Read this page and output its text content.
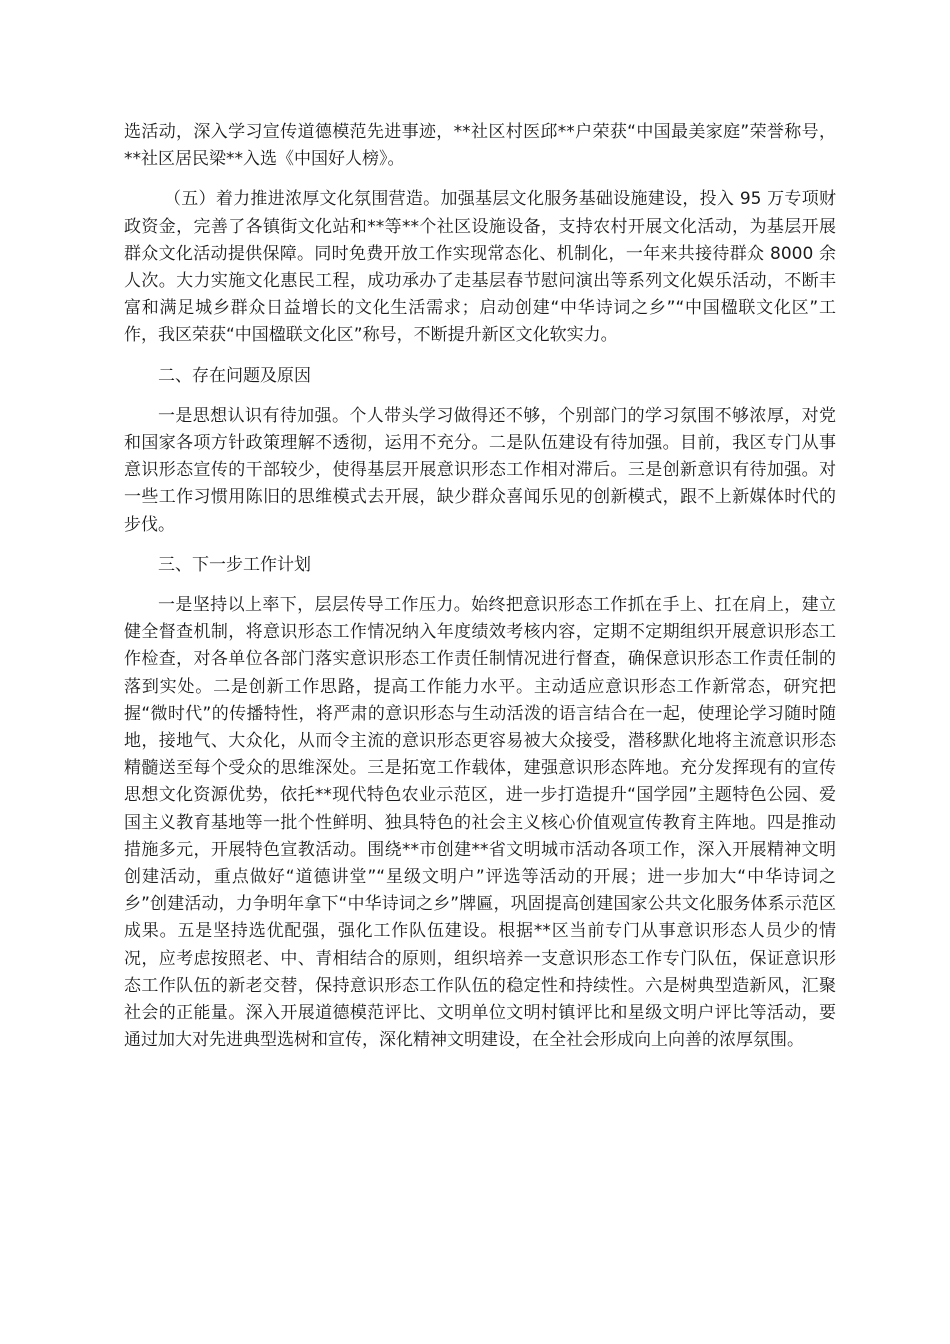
选活动，深入学习宣传道德模范先进事迹，**社区村医邱**户荣获“中国最美家庭”荣誉称号，**社区居民梁**入选《中国好人榜》。

（五）着力推进浓厚文化氛围营造。加强基层文化服务基础设施建设，投入 95 万专项财政资金，完善了各镇街文化站和**等**个社区设施设备，支持农村开展文化活动，为基层开展群众文化活动提供保障。同时免费开放工作实现常态化、机制化，一年来共接待群众 8000 余人次。大力实施文化惠民工程，成功承办了走基层春节慰问演出等系列文化娱乐活动，不断丰富和满足城乡群众日益增长的文化生活需求；启动创建“中华诗词之乡”“中国楹联文化区”工作，我区荣获“中国楹联文化区”称号，不断提升新区文化软实力。

二、存在问题及原因

一是思想认识有待加强。个人带头学习做得还不够，个别部门的学习氛围不够浓厚，对党和国家各项方针政策理解不透彻，运用不充分。二是队伍建设有待加强。目前，我区专门从事意识形态宣传的干部较少，使得基层开展意识形态工作相对滞后。三是创新意识有待加强。对一些工作习惯用陈旧的思维模式去开展，缺少群众喜闻乐见的创新模式，跟不上新媒体时代的步伐。

三、下一步工作计划

一是坚持以上率下，层层传导工作压力。始终把意识形态工作抓在手上、扛在肩上，建立健全督查机制，将意识形态工作情况纳入年度绩效考核内容，定期不定期组织开展意识形态工作检查，对各单位各部门落实意识形态工作责任制情况进行督查，确保意识形态工作责任制的落到实处。二是创新工作思路，提高工作能力水平。主动适应意识形态工作新常态，研究把握“微时代”的传播特性，将严肃的意识形态与生动活泼的语言结合在一起，使理论学习随时随地，接地气、大众化，从而令主流的意识形态更容易被大众接受，潜移默化地将主流意识形态精髓送至每个受众的思维深处。三是拓宽工作载体，建强意识形态阵地。充分发挥现有的宣传思想文化资源优势，依托**现代特色农业示范区，进一步打造提升“国学园”主题特色公园、爱国主义教育基地等一批个性鲜明、独具特色的社会主义核心价值观宣传教育主阵地。四是推动措施多元，开展特色宣教活动。围绕**市创建**省文明城市活动各项工作，深入开展精神文明创建活动，重点做好“道德讲堂”“星级文明户”评选等活动的开展；进一步加大“中华诗词之乡”创建活动，力争明年拿下“中华诗词之乡”牌匾，巩固提高创建国家公共文化服务体系示范区成果。五是坚持选优配强，强化工作队伍建设。根据**区当前专门从事意识形态人员少的情况，应考虑按照老、中、青相结合的原则，组织培养一支意识形态工作专门队伍，保证意识形态工作队伍的新老交替，保持意识形态工作队伍的稳定性和持续性。六是树典型造新风，汇聚社会的正能量。深入开展道德模范评比、文明单位文明村镇评比和星级文明户评比等活动，要通过加大对先进典型选树和宣传，深化精神文明建设，在全社会形成向上向善的浓厚氛围。
